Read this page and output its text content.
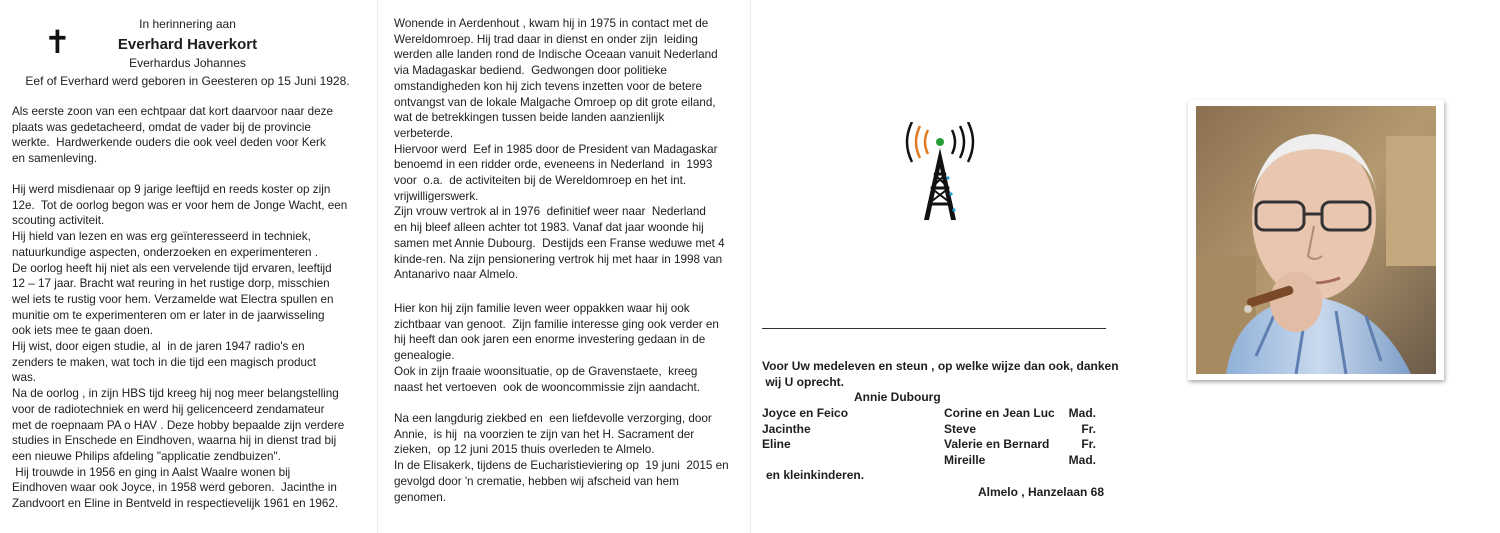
✝	In herinnering aan
Everhard Haverkort
Everhardus Johannes
Eef of Everhard werd geboren in Geesteren op 15 Juni 1928.
Als eerste zoon van een echtpaar dat kort daarvoor naar deze
plaats was gedetacheerd, omdat de vader bij de provincie
werkte.  Hardwerkende ouders die ook veel deden voor Kerk
en samenleving.
Hij werd misdienaar op 9 jarige leeftijd en reeds koster op zijn
12e.  Tot de oorlog begon was er voor hem de Jonge Wacht, een
scouting activiteit.
Hij hield van lezen en was erg geïnteresseerd in techniek,
natuurkundige aspecten, onderzoeken en experimenteren .
De oorlog heeft hij niet als een vervelende tijd ervaren, leeftijd
12 – 17 jaar. Bracht wat reuring in het rustige dorp, misschien
wel iets te rustig voor hem. Verzamelde wat Electra spullen en
munitie om te experimenteren om er later in de jaarwisseling
ook iets mee te gaan doen.
Hij wist, door eigen studie, al  in de jaren 1947 radio's en
zenders te maken, wat toch in die tijd een magisch product
was.
Na de oorlog , in zijn HBS tijd kreeg hij nog meer belangstelling
voor de radiotechniek en werd hij gelicenceerd zendamateur
met de roepnaam PA o HAV . Deze hobby bepaalde zijn verdere
studies in Enschede en Eindhoven, waarna hij in dienst trad bij
een nieuwe Philips afdeling "applicatie zendbuizen".
Hij trouwde in 1956 en ging in Aalst Waalre wonen bij
Eindhoven waar ook Joyce, in 1958 werd geboren.  Jacinthe in
Zandvoort en Eline in Bentveld in respectievelijk 1961 en 1962.
Wonende in Aerdenhout , kwam hij in 1975 in contact met de
Wereldomroep. Hij trad daar in dienst en onder zijn  leiding
werden alle landen rond de Indische Oceaan vanuit Nederland
via Madagaskar bediend.  Gedwongen door politieke
omstandigheden kon hij zich tevens inzetten voor de betere
ontvangst van de lokale Malgache Omroep op dit grote eiland,
wat de betrekkingen tussen beide landen aanzienlijk
verbeterde.
Hiervoor werd  Eef in 1985 door de President van Madagaskar
benoemd in een ridder orde, eveneens in Nederland  in  1993
voor  o.a.  de activiteiten bij de Wereldomroep en het int.
vrijwilligerswerk.
Zijn vrouw vertrok al in 1976  definitief weer naar  Nederland
en hij bleef alleen achter tot 1983. Vanaf dat jaar woonde hij
samen met Annie Dubourg.  Destijds een Franse weduwe met 4
kinde-ren. Na zijn pensionering vertrok hij met haar in 1998 van
Antanarivo naar Almelo.
Hier kon hij zijn familie leven weer oppakken waar hij ook
zichtbaar van genoot.  Zijn familie interesse ging ook verder en
hij heeft dan ook jaren een enorme investering gedaan in de
genealogie.
Ook in zijn fraaie woonsituatie, op de Gravenstaete,  kreeg
naast het vertoeven  ook de wooncommissie zijn aandacht.
Na een langdurig ziekbed en  een liefdevolle verzorging, door
Annie,  is hij  na voorzien te zijn van het H. Sacrament der
zieken,  op 12 juni 2015 thuis overleden te Almelo.
In de Elisakerk, tijdens de Eucharistieviering op  19 juni  2015 en
gevolgd door 'n crematie, hebben wij afscheid van hem
genomen.
Voor Uw medeleven en steun , op welke wijze dan ook, danken
wij U oprecht.
Annie Dubourg
Joyce en Feico
Jacinthe
Eline
Corine en Jean Luc
Steve
Valerie en Bernard
Mireille
Mad.
Fr.
Fr.
Mad.
en kleinkinderen.
Almelo , Hanzelaan 68
